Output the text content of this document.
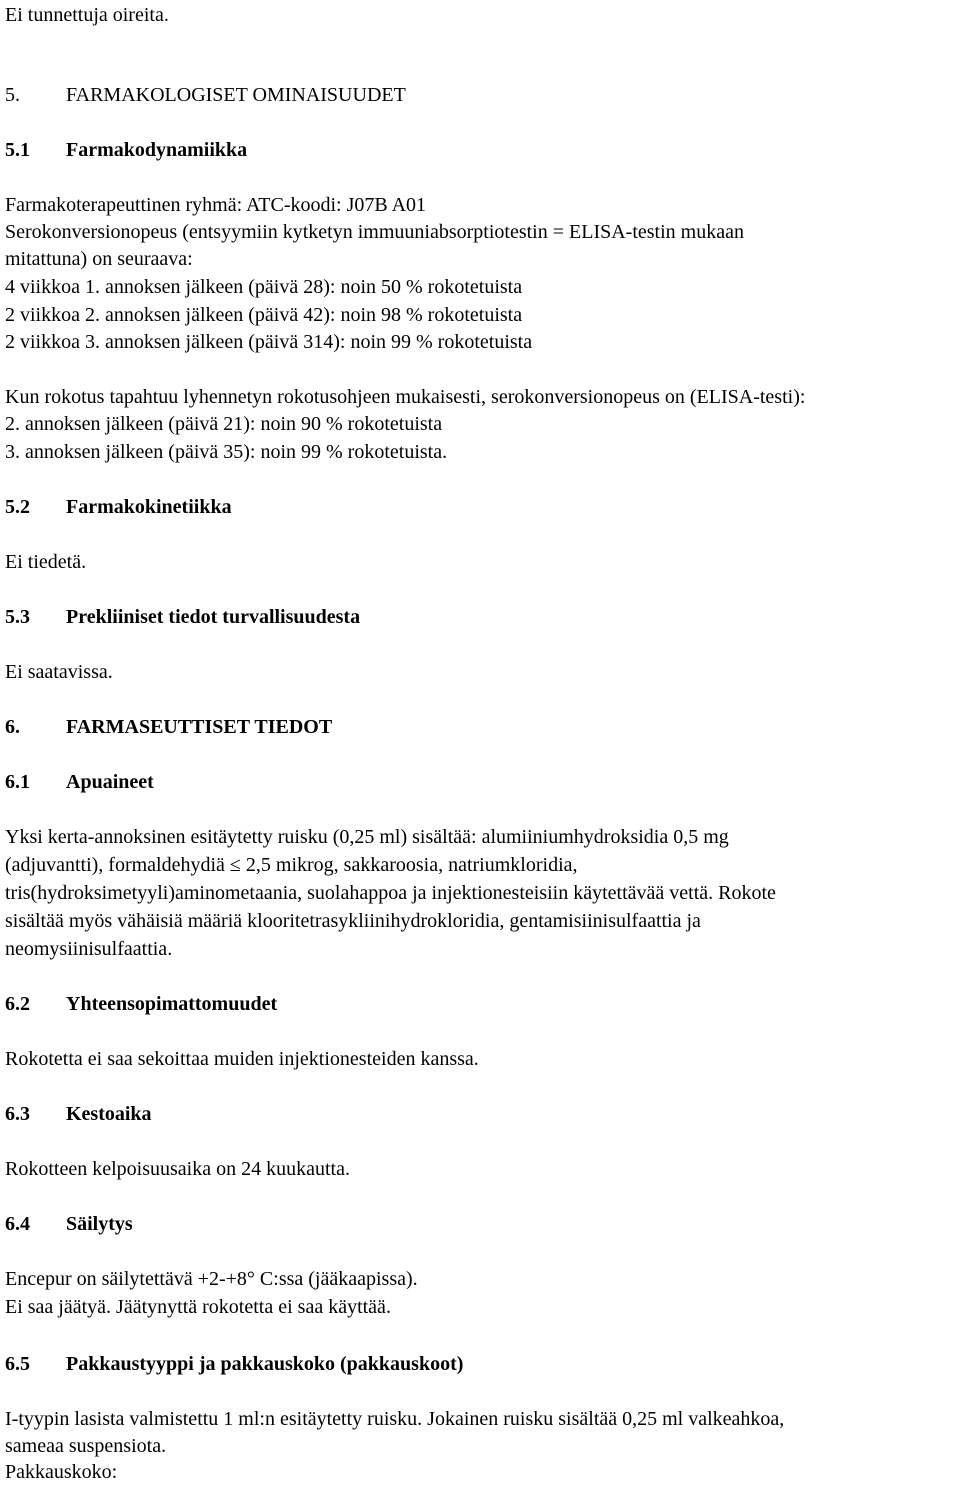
Ei tunnettuja oireita.
5. FARMAKOLOGISET OMINAISUUDET
5.1 Farmakodynamiikka
Farmakoterapeuttinen ryhmä: ATC-koodi: J07B A01
Serokonversionopeus (entsyymiin kytketyn immuuniabsorptiotestin = ELISA-testin mukaan
mitattuna) on seuraava:
4 viikkoa 1. annoksen jälkeen (päivä 28): noin 50 % rokotetuista
2 viikkoa 2. annoksen jälkeen (päivä 42): noin 98 % rokotetuista
2 viikkoa 3. annoksen jälkeen (päivä 314): noin 99 % rokotetuista
Kun rokotus tapahtuu lyhennetyn rokotusohjeen mukaisesti, serokonversionopeus on (ELISA-testi):
2. annoksen jälkeen (päivä 21): noin 90 % rokotetuista
3. annoksen jälkeen (päivä 35): noin 99 % rokotetuista.
5.2 Farmakokinetiikka
Ei tiedetä.
5.3 Prekliiniset tiedot turvallisuudesta
Ei saatavissa.
6. FARMASEUTTISET TIEDOT
6.1 Apuaineet
Yksi kerta-annoksinen esitäytetty ruisku (0,25 ml) sisältää: alumiiniumhydroksidia 0,5 mg
(adjuvantti), formaldehydiä ≤ 2,5 mikrog, sakkaroosia, natriumkloridia,
tris(hydroksimetyyli)aminometaania, suolahappoa ja injektionesteisiin käytettävää vettä. Rokote
sisältää myös vähäisiä määriä klooritetrasykliinihydrokloridia, gentamisiinisulfaattia ja
neomysiinisulfaattia.
6.2 Yhteensopimattomuudet
Rokotetta ei saa sekoittaa muiden injektionesteiden kanssa.
6.3 Kestoaika
Rokotteen kelpoisuusaika on 24 kuukautta.
6.4 Säilytys
Encepur on säilytettävä +2-+8° C:ssa (jääkaapissa).
Ei saa jäätyä. Jäätynyttä rokotetta ei saa käyttää.
6.5 Pakkaustyyppi ja pakkauskoko (pakkauskoot)
I-tyypin lasista valmistettu 1 ml:n esitäytetty ruisku. Jokainen ruisku sisältää 0,25 ml valkeahkoa,
sameaa suspensiota.
Pakkauskoko:
